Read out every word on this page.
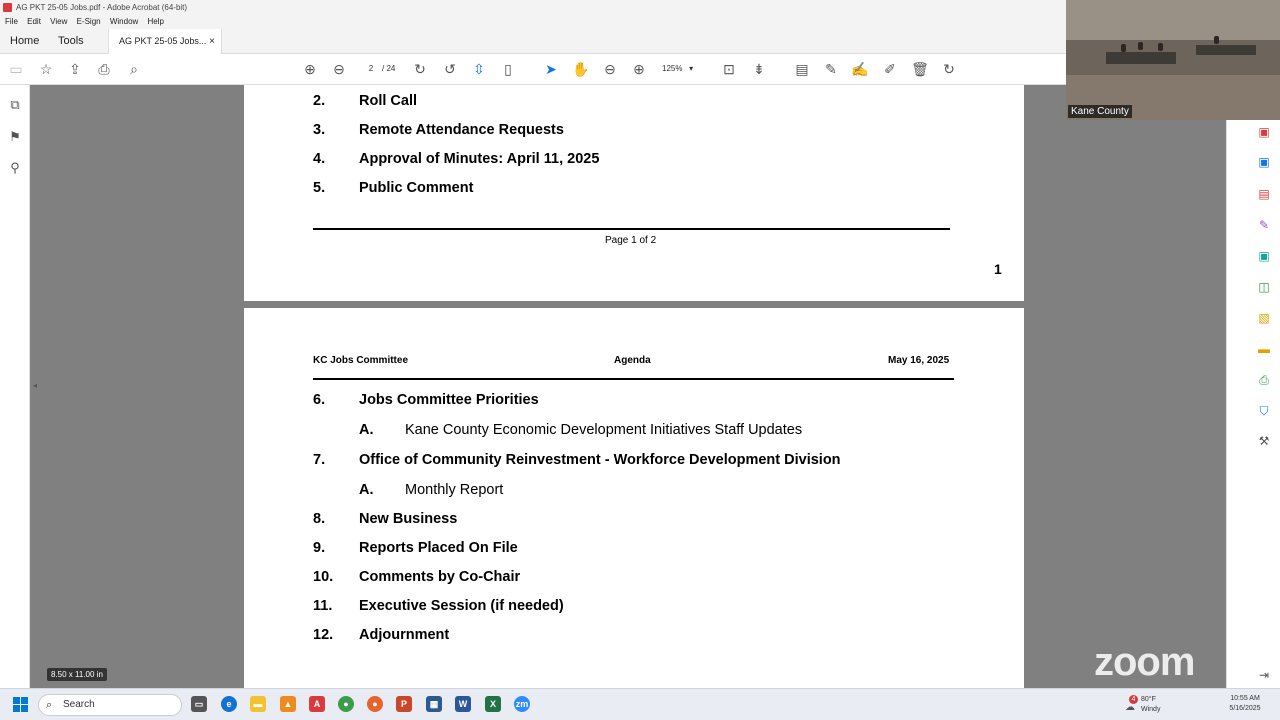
AG PKT 25-05 Jobs.pdf - Adobe Acrobat (64-bit)
File Edit View E-Sign Window Help
Home Tools	AG PKT 25-05 Jobs... ×
▭ ☆ ⇪ ⎙	⌕	⊕ ⊖	2	/ 24 ↻ ↺ ⇳	▯	➤ ✋ ⊖ ⊕	125%   ▾	⊡ ⇟ ▤ ✎ ✍ ✐ 🗑 ↻
⧉
⚑
⚲
◂
2. Roll Call
3. Remote Attendance Requests
4. Approval of Minutes: April 11, 2025
5. Public Comment
Page 1 of 2
1
KC Jobs Committee	Agenda	May 16, 2025
6. Jobs Committee Priorities
A. Kane County Economic Development Initiatives Staff Updates
7. Office of Community Reinvestment - Workforce Development Division
A. Monthly Report
8. New Business
9. Reports Placed On File
10. Comments by Co-Chair
11. Executive Session (if needed)
12. Adjournment
▣
▣
▤
✎
▣
◫
▧
▬
⎙
⛉
⚒
⇥
Kane County
zoom
8.50 x 11.00 in
⌕ Search	▭	e	▬	▲	A	●	●	P	▦	W	X	zm	4
☁
80°F
Windy
10:55 AM
5/16/2025
